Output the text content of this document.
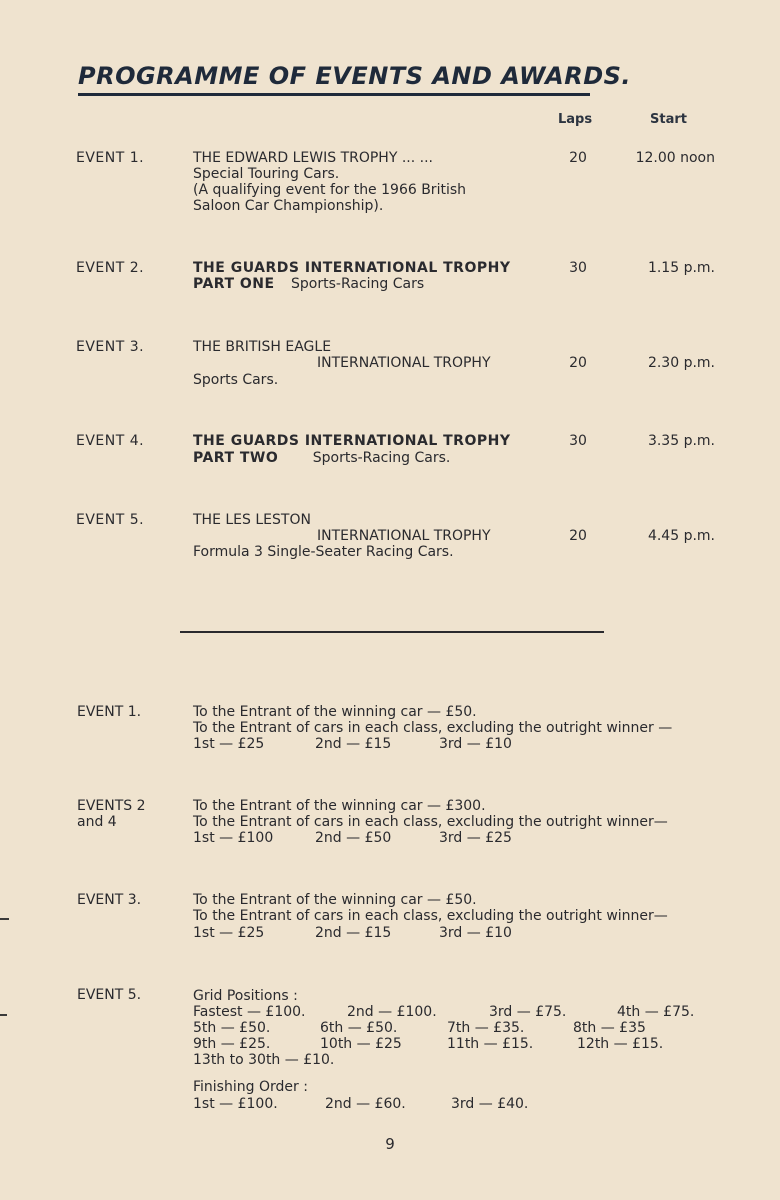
PROGRAMME OF EVENTS AND AWARDS.
Laps	Start
EVENT 1.	THE EDWARD LEWIS TROPHY ... ...
Special Touring Cars.
(A qualifying event for the 1966 British
Saloon Car Championship).
20	12.00 noon
EVENT 2.	THE GUARDS INTERNATIONAL TROPHY
PART ONE Sports-Racing Cars
30	1.15 p.m.
EVENT 3.	THE BRITISH EAGLE
INTERNATIONAL TROPHY
Sports Cars.
20	2.30 p.m.
EVENT 4.	THE GUARDS INTERNATIONAL TROPHY
PART TWO Sports-Racing Cars.
30	3.35 p.m.
EVENT 5.	THE LES LESTON
INTERNATIONAL TROPHY
Formula 3 Single-Seater Racing Cars.
20	4.45 p.m.
EVENT 1.	To the Entrant of the winning car — £50.
To the Entrant of cars in each class, excluding the outright winner —
1st — £25	2nd — £15	3rd — £10
EVENTS 2
and 4
To the Entrant of the winning car — £300.
To the Entrant of cars in each class, excluding the outright winner—
1st — £100	2nd — £50	3rd — £25
EVENT 3.	To the Entrant of the winning car — £50.
To the Entrant of cars in each class, excluding the outright winner—
1st — £25	2nd — £15	3rd — £10
EVENT 5.	Grid Positions :
Fastest — £100.	2nd — £100.	3rd — £75.	4th — £75.
5th — £50.	6th — £50.	7th — £35.	8th — £35
9th — £25.	10th — £25	11th — £15.	12th — £15.
13th to 30th — £10.
Finishing Order :
1st — £100.	2nd — £60.	3rd — £40.
9
